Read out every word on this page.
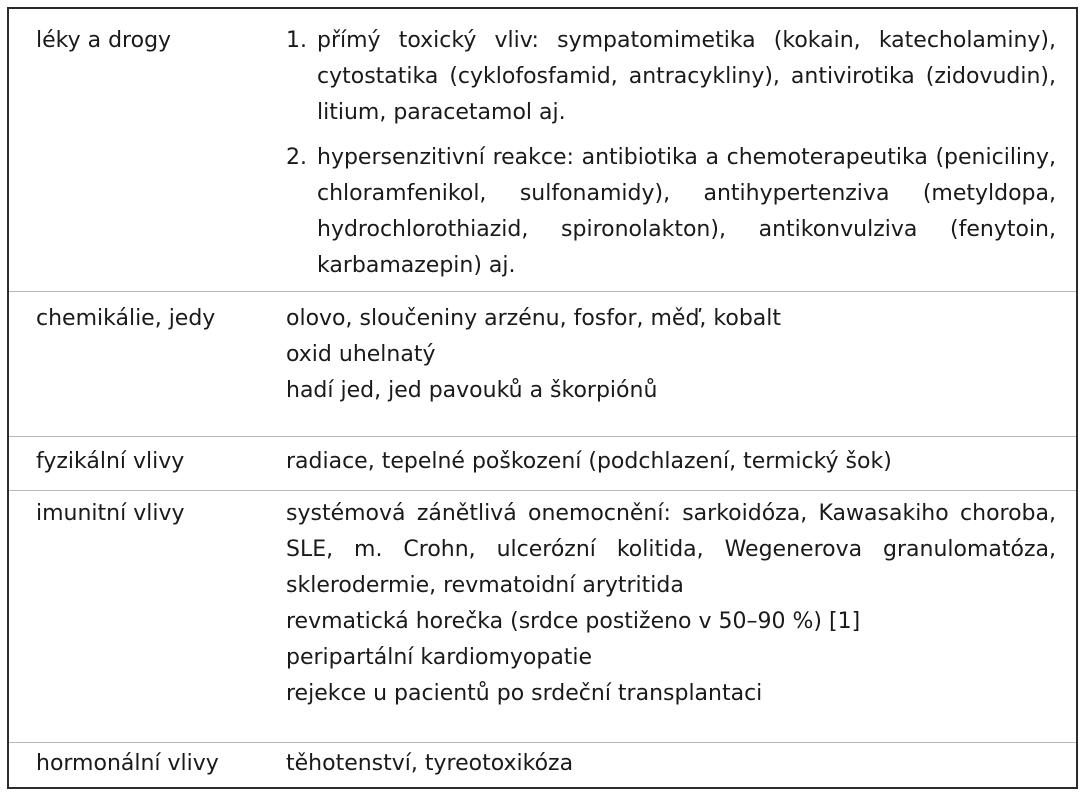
léky a drogy	1. přímý toxický vliv: sympatomimetika (kokain, katecholaminy), cytostatika (cyklofosfamid, antracykliny), antivirotika (zidovudin), litium, paracetamol aj.
2. hypersenzitivní reakce: antibiotika a chemoterapeutika (peniciliny, chloramfenikol, sulfonamidy), antihypertenziva (metyldopa, hydrochlorothiazid, spironolakton), antikonvulziva (fenytoin, karbamazepin) aj.
chemikálie, jedy	olovo, sloučeniny arzénu, fosfor, měď, kobalt
oxid uhelnatý
hadí jed, jed pavouků a škorpiónů
fyzikální vlivy	radiace, tepelné poškození (podchlazení, termický šok)
imunitní vlivy	systémová zánětlivá onemocnění: sarkoidóza, Kawasakiho choroba, SLE, m. Crohn, ulcerózní kolitida, Wegenerova granulomatóza, sklerodermie, revmatoidní arytritida
revmatická horečka (srdce postiženo v 50–90 %) [1]
peripartální kardiomyopatie
rejekce u pacientů po srdeční transplantaci
hormonální vlivy	těhotenství, tyreotoxikóza
